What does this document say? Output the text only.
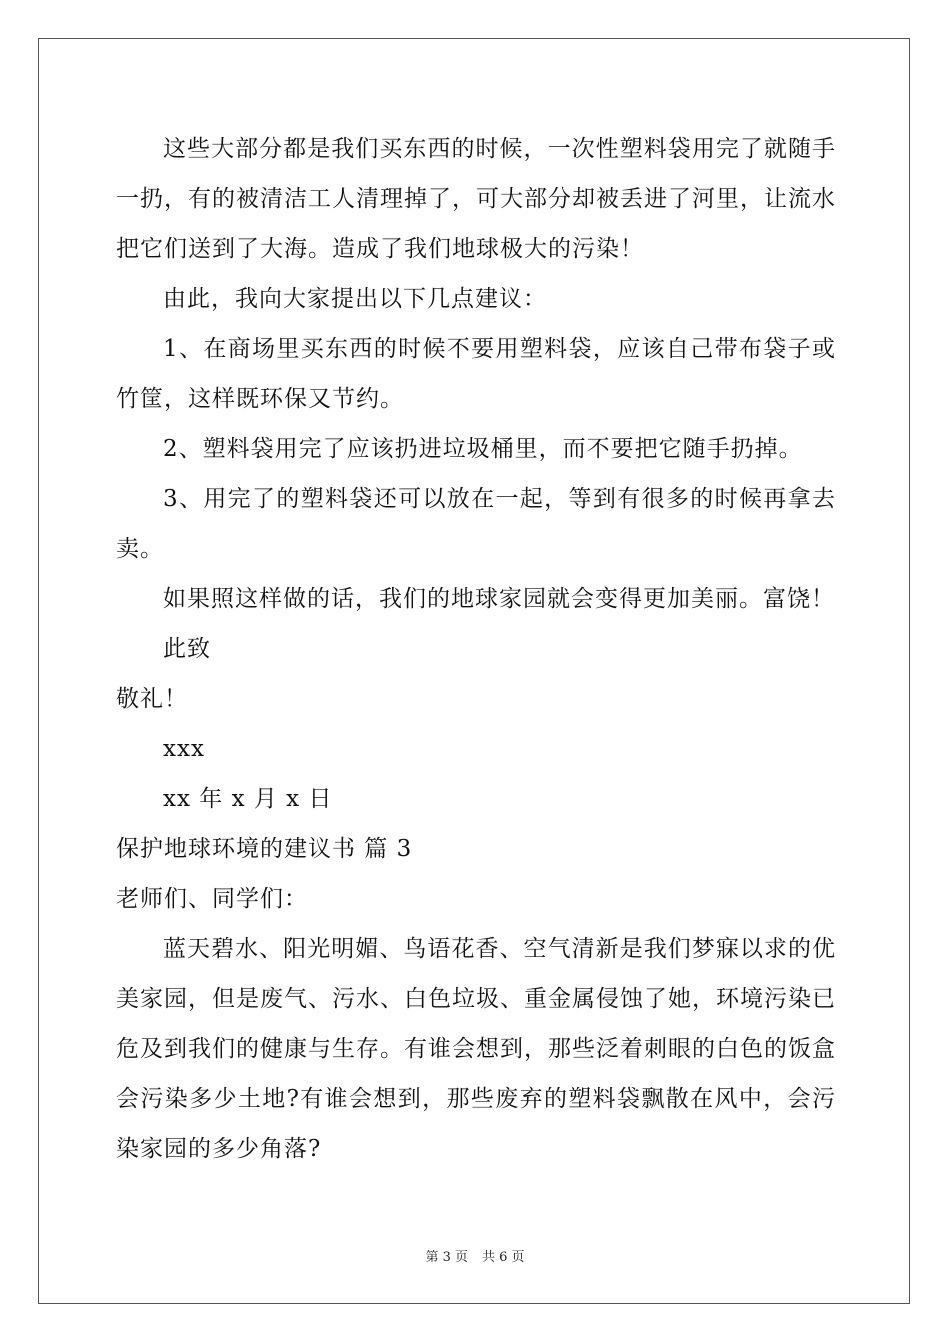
这些大部分都是我们买东西的时候，一次性塑料袋用完了就随手一扔，有的被清洁工人清理掉了，可大部分却被丢进了河里，让流水把它们送到了大海。造成了我们地球极大的污染！

由此，我向大家提出以下几点建议：

1、在商场里买东西的时候不要用塑料袋，应该自己带布袋子或竹筐，这样既环保又节约。

2、塑料袋用完了应该扔进垃圾桶里，而不要把它随手扔掉。

3、用完了的塑料袋还可以放在一起，等到有很多的时候再拿去卖。

如果照这样做的话，我们的地球家园就会变得更加美丽。富饶！

此致

敬礼！

xxx

xx 年 x 月 x 日

保护地球环境的建议书 篇 3

老师们、同学们：

蓝天碧水、阳光明媚、鸟语花香、空气清新是我们梦寐以求的优美家园，但是废气、污水、白色垃圾、重金属侵蚀了她，环境污染已危及到我们的健康与生存。有谁会想到，那些泛着刺眼的白色的饭盒会污染多少土地?有谁会想到，那些废弃的塑料袋飘散在风中，会污染家园的多少角落?

第 3 页 共 6 页
